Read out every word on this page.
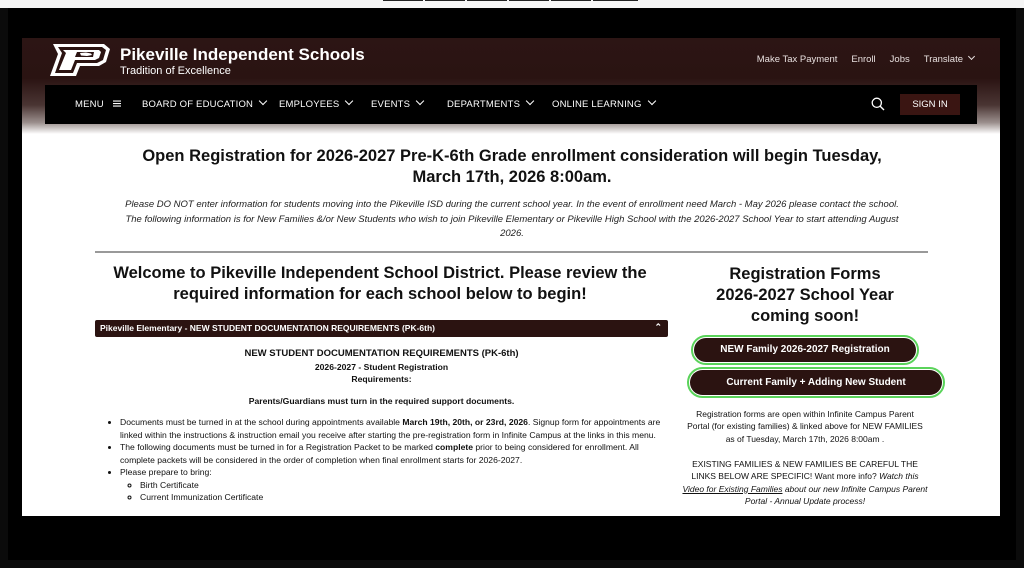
Pikeville Independent Schools
Tradition of Excellence
Make Tax Payment Enroll Jobs Translate
MENU	BOARD OF EDUCATION	EMPLOYEES	EVENTS	DEPARTMENTS	ONLINE LEARNING	SIGN IN
Open Registration for 2026-2027 Pre-K-6th Grade enrollment consideration will begin Tuesday,
March 17th, 2026 8:00am.
Please DO NOT enter information for students moving into the Pikeville ISD during the current school year. In the event of enrollment need March - May 2026 please contact the school.
The following information is for New Families &/or New Students who wish to join Pikeville Elementary or Pikeville High School with the 2026-2027 School Year to start attending August
2026.
Welcome to Pikeville Independent School District. Please review the
required information for each school below to begin!
Pikeville Elementary - NEW STUDENT DOCUMENTATION REQUIREMENTS (PK-6th)	⌃
NEW STUDENT DOCUMENTATION REQUIREMENTS (PK-6th)
2026-2027 - Student Registration
Requirements:
Parents/Guardians must turn in the required support documents.
• Documents must be turned in at the school during appointments available March 19th, 20th, or 23rd, 2026. Signup form for appointments are linked within the instructions & instruction email you receive after starting the pre-registration form in Infinite Campus at the links in this menu.
• The following documents must be turned in for a Registration Packet to be marked complete prior to being considered for enrollment. All complete packets will be considered in the order of completion when final enrollment starts for 2026-2027.
• Please prepare to bring:
◦ Birth Certificate
◦ Current Immunization Certificate
Registration Forms
2026-2027 School Year
coming soon!
NEW Family 2026-2027 Registration
Current Family + Adding New Student
Registration forms are open within Infinite Campus Parent Portal (for existing families) & linked above for NEW FAMILIES as of Tuesday, March 17th, 2026 8:00am .
EXISTING FAMILIES & NEW FAMILIES BE CAREFUL THE LINKS BELOW ARE SPECIFIC! Want more info? Watch this Video for Existing Families about our new Infinite Campus Parent Portal - Annual Update process!
